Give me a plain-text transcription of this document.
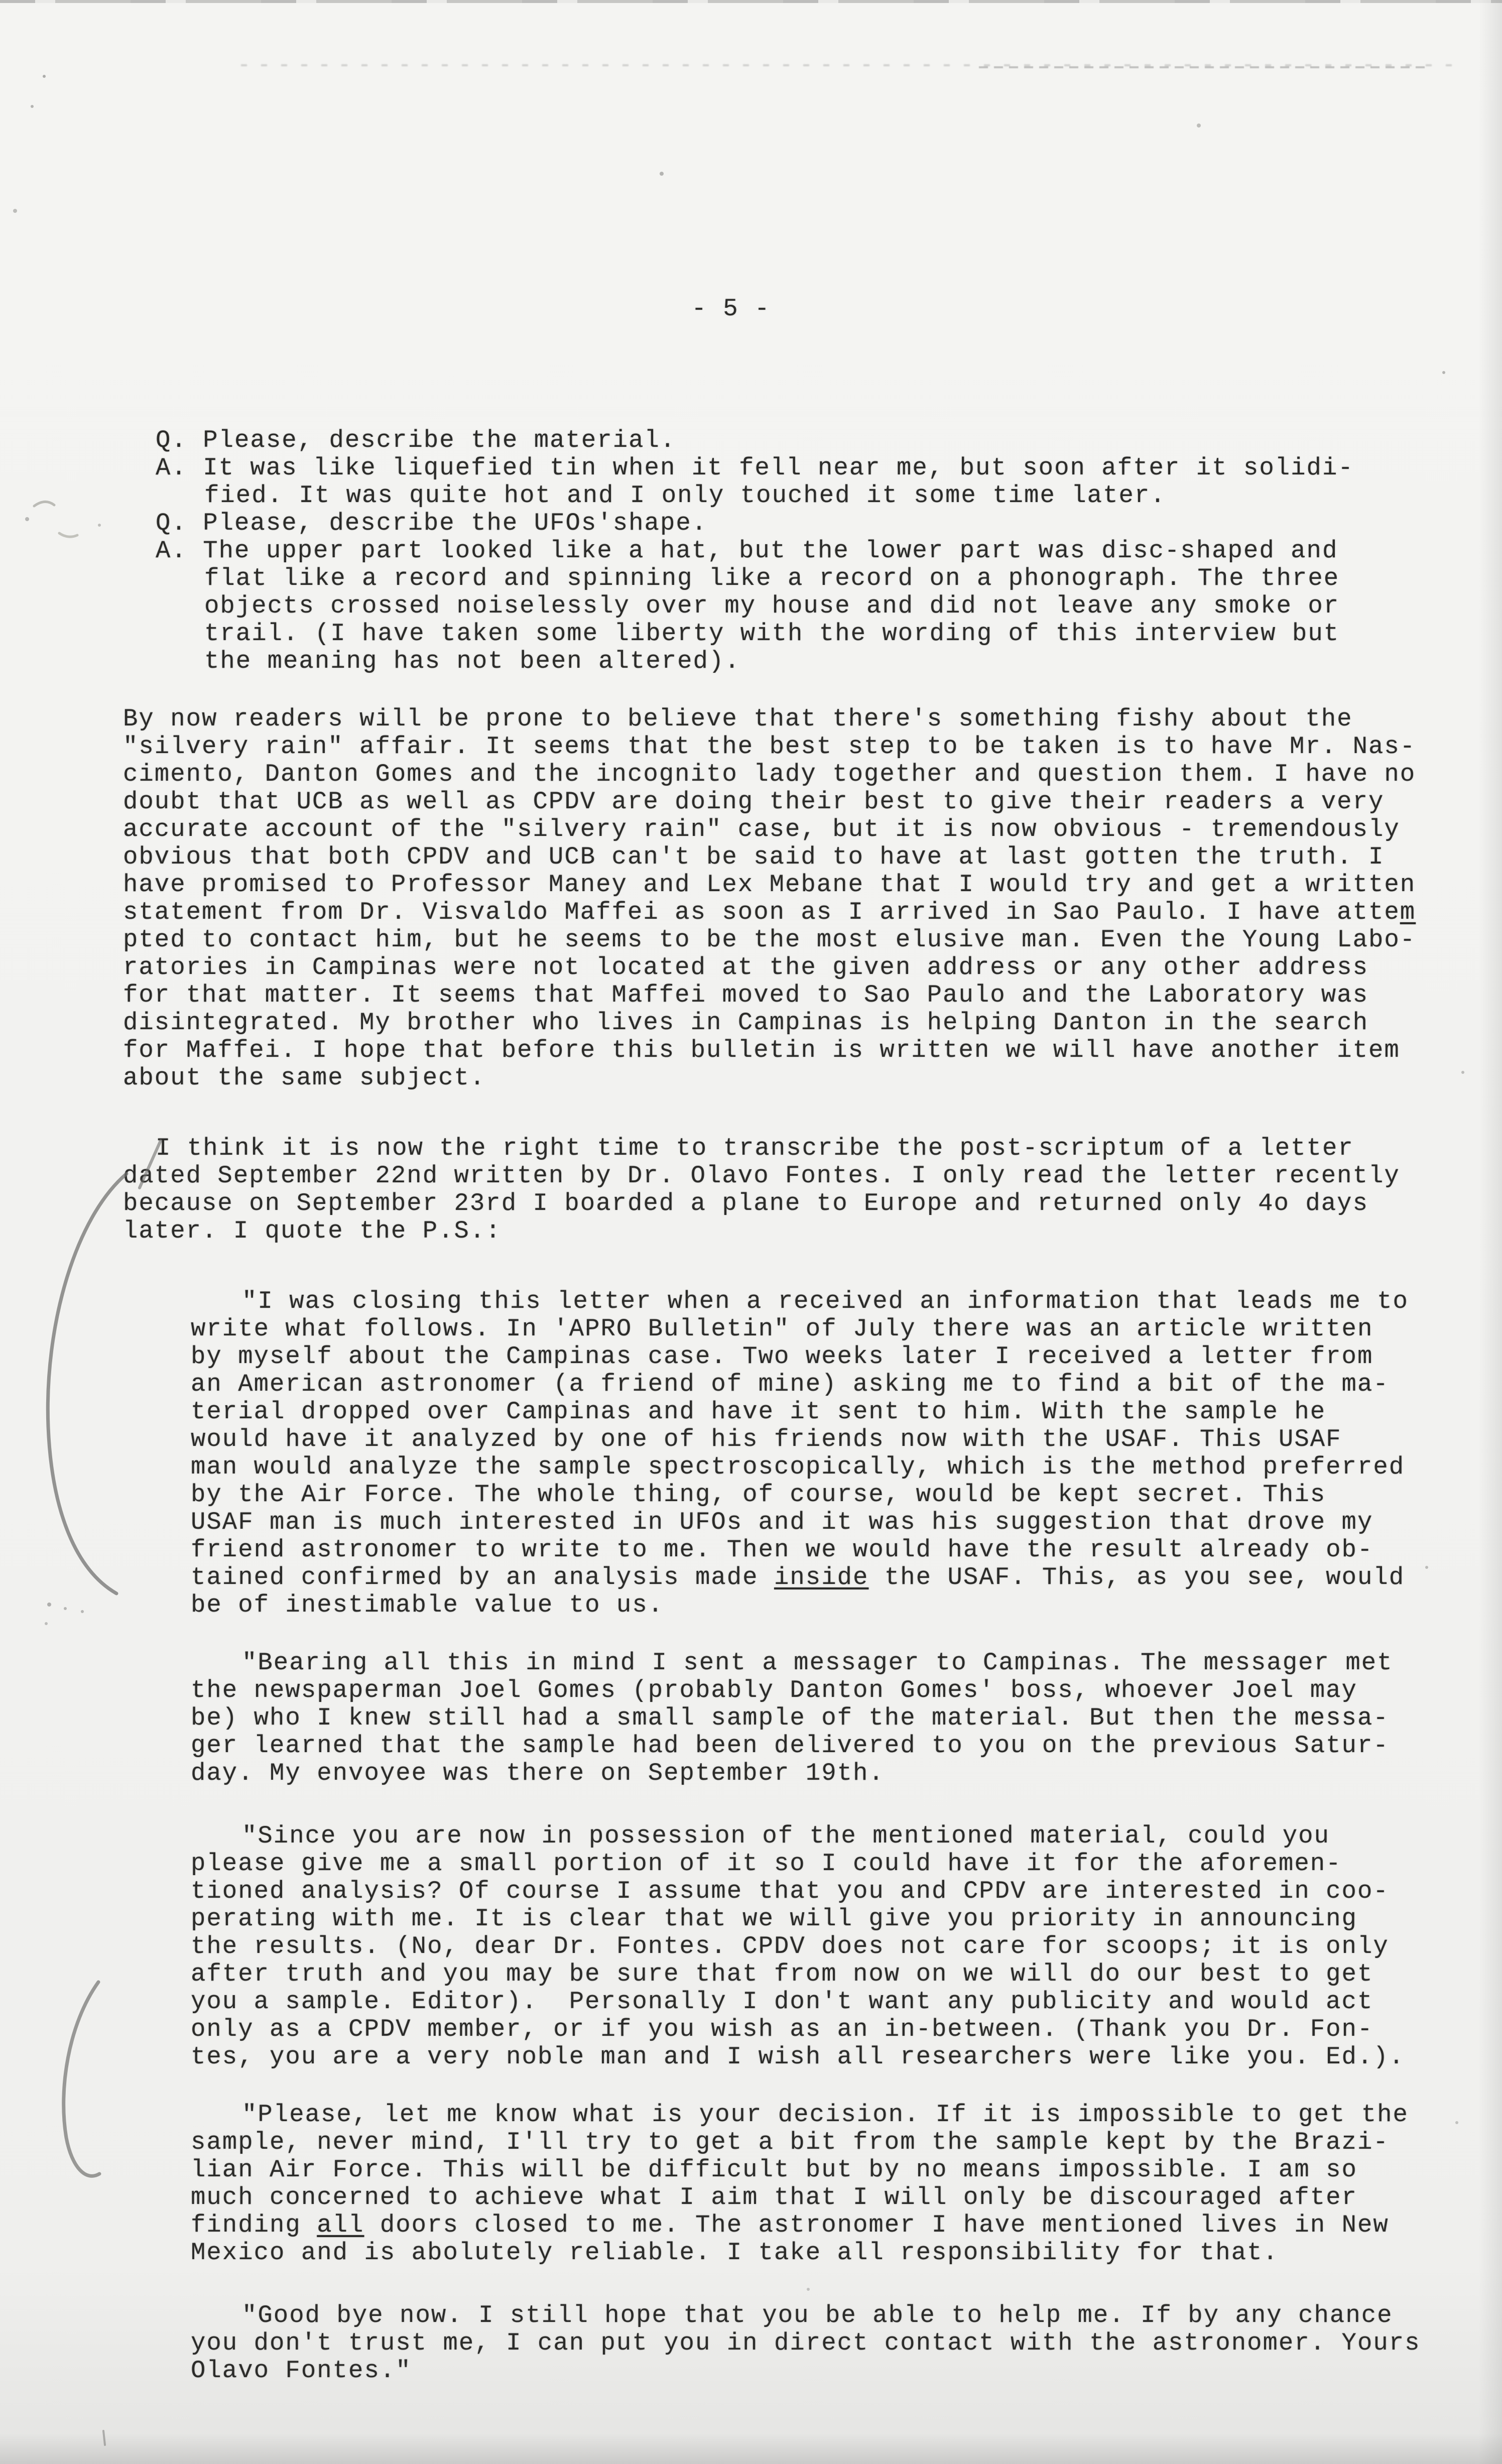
- 5 -

Q. Please, describe the material.
A. It was like liquefied tin when it fell near me, but soon after it solidi-
fied. It was quite hot and I only touched it some time later.
Q. Please, describe the UFOs'shape.
A. The upper part looked like a hat, but the lower part was disc-shaped and
flat like a record and spinning like a record on a phonograph. The three
objects crossed noiselessly over my house and did not leave any smoke or
trail. (I have taken some liberty with the wording of this interview but
the meaning has not been altered).
By now readers will be prone to believe that there's something fishy about the
"silvery rain" affair. It seems that the best step to be taken is to have Mr. Nas-
cimento, Danton Gomes and the incognito lady together and question them. I have no
doubt that UCB as well as CPDV are doing their best to give their readers a very
accurate account of the "silvery rain" case, but it is now obvious - tremendously
obvious that both CPDV and UCB can't be said to have at last gotten the truth. I
have promised to Professor Maney and Lex Mebane that I would try and get a written
statement from Dr. Visvaldo Maffei as soon as I arrived in Sao Paulo. I have attem
pted to contact him, but he seems to be the most elusive man. Even the Young Labo-
ratories in Campinas were not located at the given address or any other address
for that matter. It seems that Maffei moved to Sao Paulo and the Laboratory was
disintegrated. My brother who lives in Campinas is helping Danton in the search
for Maffei. I hope that before this bulletin is written we will have another item
about the same subject.
I think it is now the right time to transcribe the post-scriptum of a letter
dated September 22nd written by Dr. Olavo Fontes. I only read the letter recently
because on September 23rd I boarded a plane to Europe and returned only 4o days
later. I quote the P.S.:
"I was closing this letter when a received an information that leads me to
write what follows. In 'APRO Bulletin" of July there was an article written
by myself about the Campinas case. Two weeks later I received a letter from
an American astronomer (a friend of mine) asking me to find a bit of the ma-
terial dropped over Campinas and have it sent to him. With the sample he
would have it analyzed by one of his friends now with the USAF. This USAF
man would analyze the sample spectroscopically, which is the method preferred
by the Air Force. The whole thing, of course, would be kept secret. This
USAF man is much interested in UFOs and it was his suggestion that drove my
friend astronomer to write to me. Then we would have the result already ob-
tained confirmed by an analysis made inside the USAF. This, as you see, would
be of inestimable value to us.
"Bearing all this in mind I sent a messager to Campinas. The messager met
the newspaperman Joel Gomes (probably Danton Gomes' boss, whoever Joel may
be) who I knew still had a small sample of the material. But then the messa-
ger learned that the sample had been delivered to you on the previous Satur-
day. My envoyee was there on September 19th.
"Since you are now in possession of the mentioned material, could you
please give me a small portion of it so I could have it for the aforemen-
tioned analysis? Of course I assume that you and CPDV are interested in coo-
perating with me. It is clear that we will give you priority in announcing
the results. (No, dear Dr. Fontes. CPDV does not care for scoops; it is only
after truth and you may be sure that from now on we will do our best to get
you a sample. Editor).  Personally I don't want any publicity and would act
only as a CPDV member, or if you wish as an in-between. (Thank you Dr. Fon-
tes, you are a very noble man and I wish all researchers were like you. Ed.).
"Please, let me know what is your decision. If it is impossible to get the
sample, never mind, I'll try to get a bit from the sample kept by the Brazi-
lian Air Force. This will be difficult but by no means impossible. I am so
much concerned to achieve what I aim that I will only be discouraged after
finding all doors closed to me. The astronomer I have mentioned lives in New
Mexico and is abolutely reliable. I take all responsibility for that.
"Good bye now. I still hope that you be able to help me. If by any chance
you don't trust me, I can put you in direct contact with the astronomer. Yours
Olavo Fontes."
